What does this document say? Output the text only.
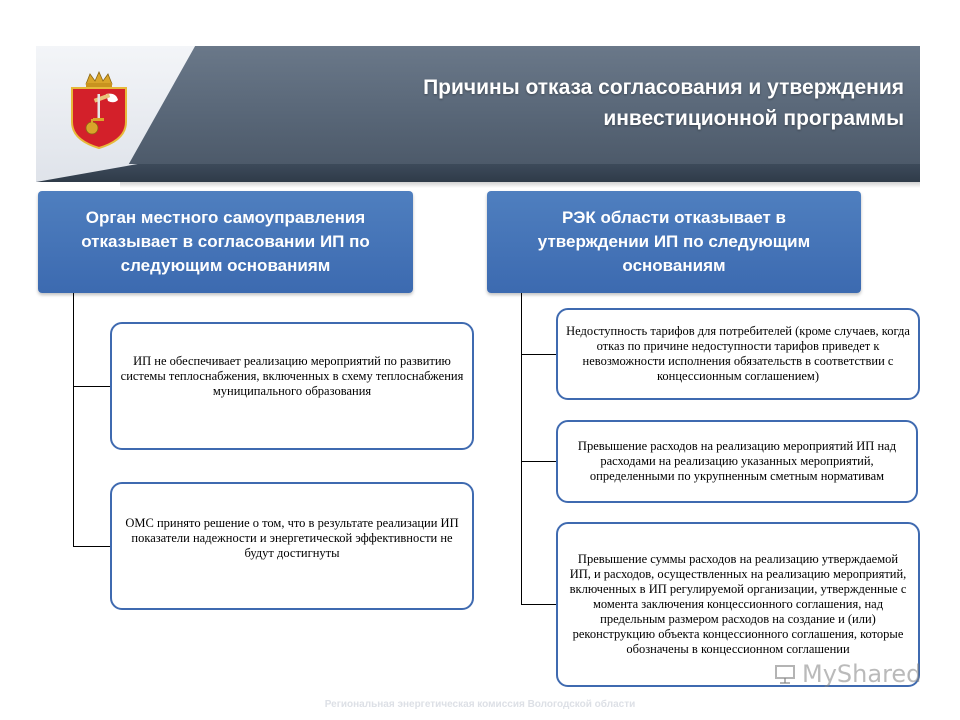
Причины отказа согласования и утверждения
инвестиционной программы
Орган местного самоуправления
отказывает в согласовании ИП по
следующим основаниям
РЭК области отказывает в
утверждении ИП по следующим
основаниям
ИП не обеспечивает реализацию мероприятий по развитию системы теплоснабжения, включенных в схему теплоснабжения муниципального образования
ОМС принято решение о том, что в результате реализации ИП показатели надежности и энергетической эффективности не будут достигнуты
Недоступность тарифов для потребителей (кроме случаев, когда отказ по причине недоступности тарифов приведет к невозможности исполнения обязательств в соответствии с концессионным соглашением)
Превышение расходов на реализацию мероприятий ИП над расходами на реализацию указанных мероприятий, определенными по укрупненным сметным нормативам
Превышение суммы расходов на реализацию утверждаемой ИП, и расходов, осуществленных на реализацию мероприятий, включенных в ИП регулируемой организации, утвержденные с момента заключения концессионного соглашения, над предельным размером расходов на создание и (или) реконструкцию объекта концессионного соглашения, которые обозначены в концессионном соглашении
MyShared
Региональная энергетическая комиссия Вологодской области
